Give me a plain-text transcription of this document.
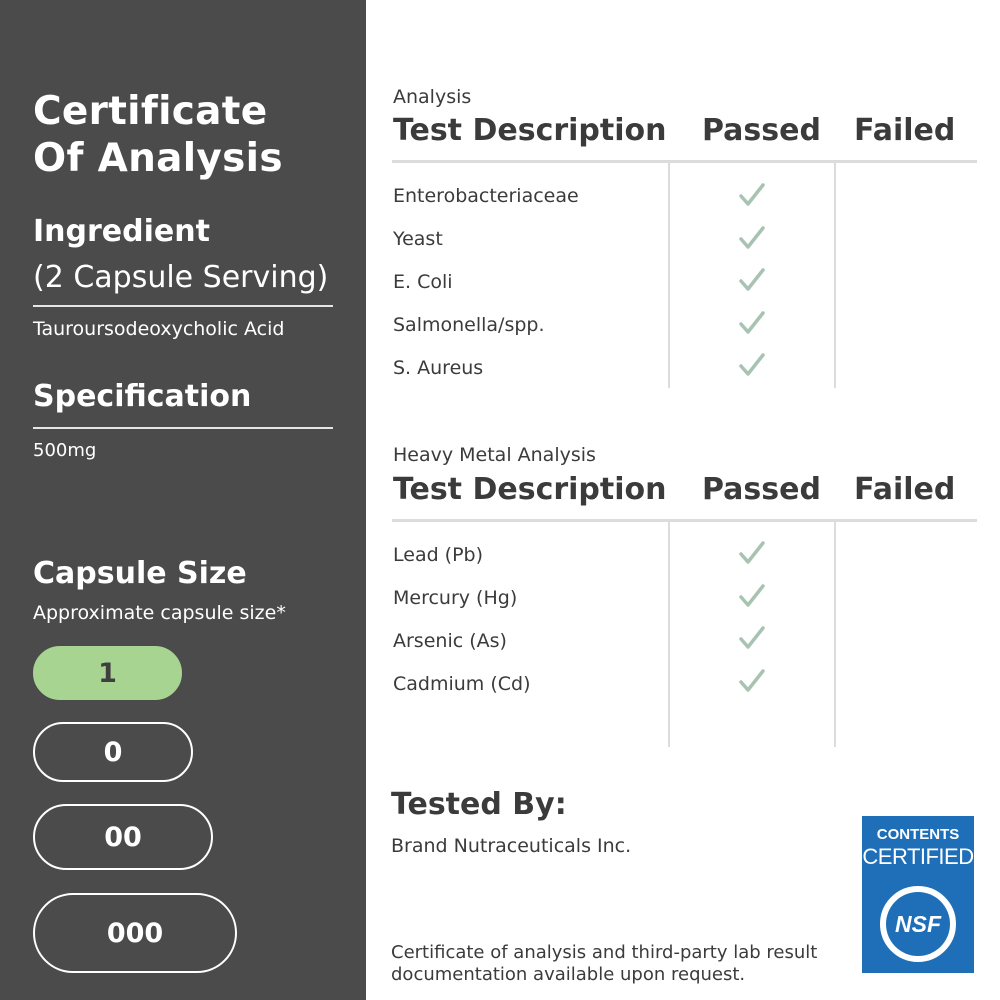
Certificate
Of Analysis
Ingredient

(2 Capsule Serving)

Tauroursodeoxycholic Acid

Specification

500mg

Capsule Size

Approximate capsule size*

1
0
00
000

Analysis

Test Description Passed Failed

Enterobacteriaceae

Yeast

E. Coli

Salmonella/spp.

S. Aureus

Heavy Metal Analysis

Test Description Passed Failed

Lead (Pb)

Mercury (Hg)

Arsenic (As)

Cadmium (Cd)

Tested By:

Brand Nutraceuticals Inc.

Certificate of analysis and third-party lab result documentation available upon request.

CONTENTS
CERTIFIED
NSF
